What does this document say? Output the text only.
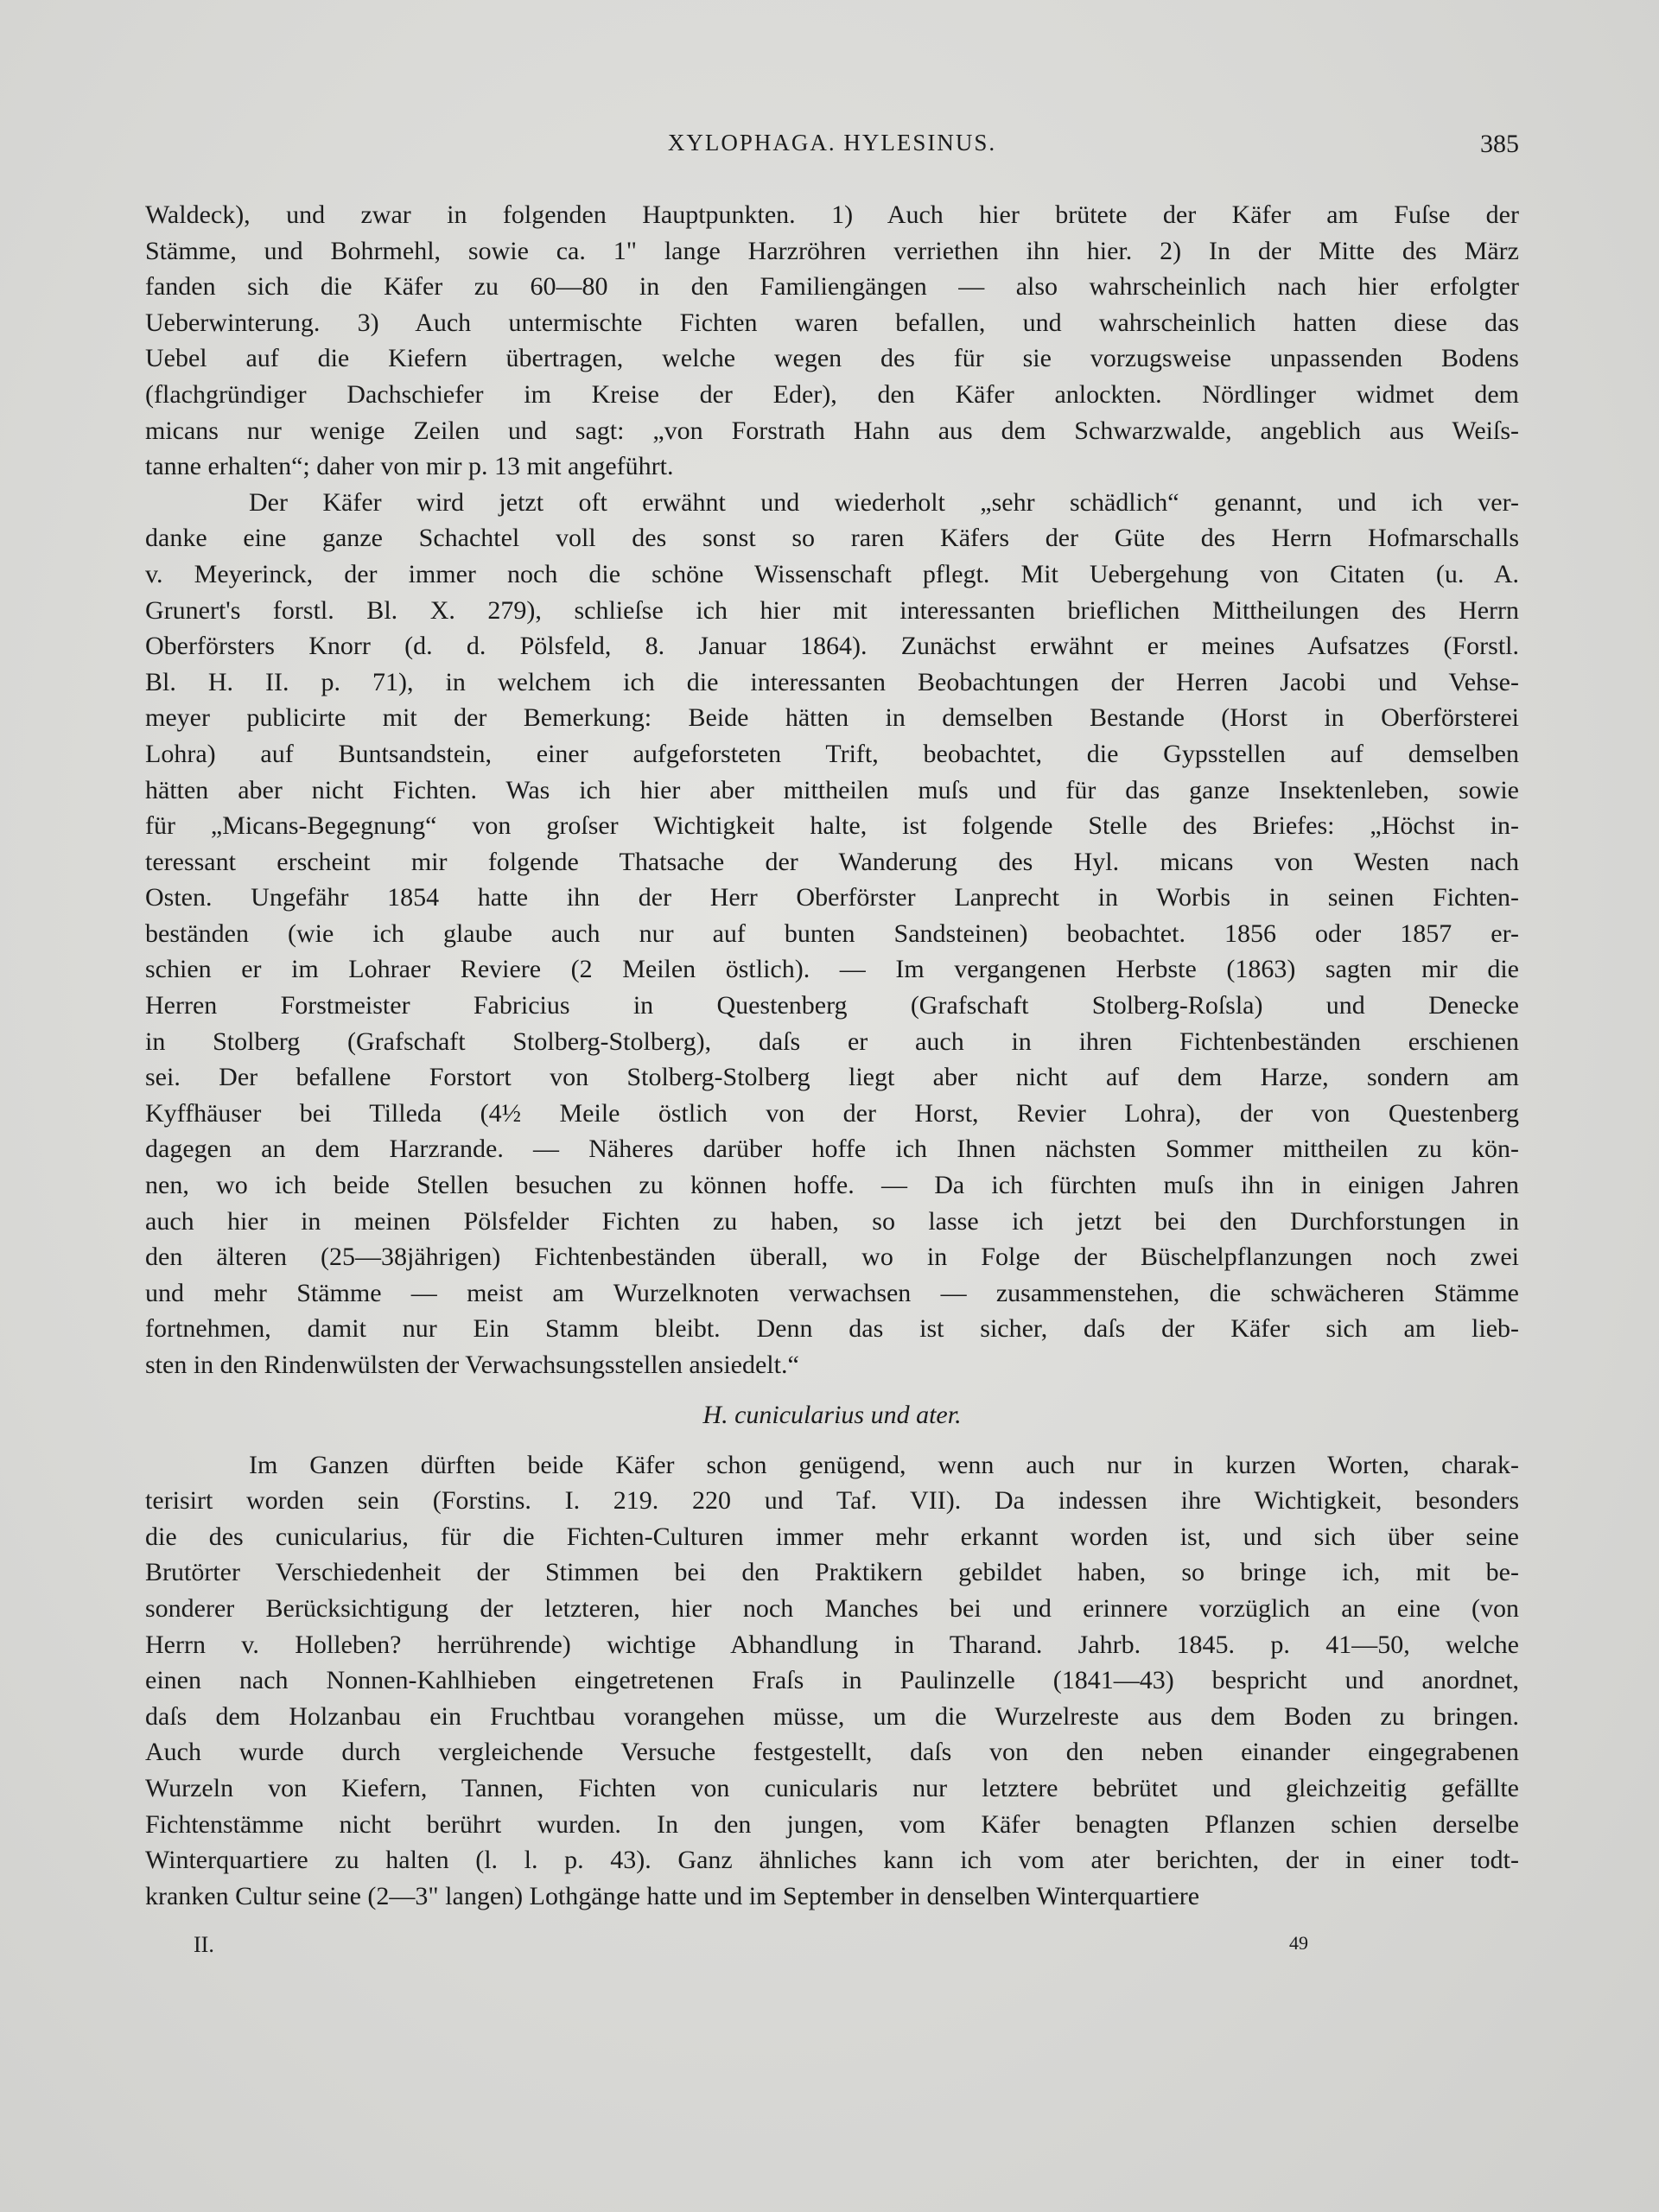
XYLOPHAGA. HYLESINUS.	385
Waldeck), und zwar in folgenden Hauptpunkten. 1) Auch hier brütete der Käfer am Fuſse der
Stämme, und Bohrmehl, sowie ca. 1" lange Harzröhren verriethen ihn hier. 2) In der Mitte des März
fanden sich die Käfer zu 60—80 in den Familiengängen — also wahrscheinlich nach hier erfolgter
Ueberwinterung. 3) Auch untermischte Fichten waren befallen, und wahrscheinlich hatten diese das
Uebel auf die Kiefern übertragen, welche wegen des für sie vorzugsweise unpassenden Bodens
(flachgründiger Dachschiefer im Kreise der Eder), den Käfer anlockten. Nördlinger widmet dem
micans nur wenige Zeilen und sagt: „von Forstrath Hahn aus dem Schwarzwalde, angeblich aus Weiſs-
tanne erhalten“; daher von mir p. 13 mit angeführt.
Der Käfer wird jetzt oft erwähnt und wiederholt „sehr schädlich“ genannt, und ich ver-
danke eine ganze Schachtel voll des sonst so raren Käfers der Güte des Herrn Hofmarschalls
v. Meyerinck, der immer noch die schöne Wissenschaft pflegt. Mit Uebergehung von Citaten (u. A.
Grunert's forstl. Bl. X. 279), schlieſse ich hier mit interessanten brieflichen Mittheilungen des Herrn
Oberförsters Knorr (d. d. Pölsfeld, 8. Januar 1864). Zunächst erwähnt er meines Aufsatzes (Forstl.
Bl. H. II. p. 71), in welchem ich die interessanten Beobachtungen der Herren Jacobi und Vehse-
meyer publicirte mit der Bemerkung: Beide hätten in demselben Bestande (Horst in Oberförsterei
Lohra) auf Buntsandstein, einer aufgeforsteten Trift, beobachtet, die Gypsstellen auf demselben
hätten aber nicht Fichten. Was ich hier aber mittheilen muſs und für das ganze Insektenleben, sowie
für „Micans-Begegnung“ von groſser Wichtigkeit halte, ist folgende Stelle des Briefes: „Höchst in-
teressant erscheint mir folgende Thatsache der Wanderung des Hyl. micans von Westen nach
Osten. Ungefähr 1854 hatte ihn der Herr Oberförster Lanprecht in Worbis in seinen Fichten-
beständen (wie ich glaube auch nur auf bunten Sandsteinen) beobachtet. 1856 oder 1857 er-
schien er im Lohraer Reviere (2 Meilen östlich). — Im vergangenen Herbste (1863) sagten mir die
Herren Forstmeister Fabricius in Questenberg (Grafschaft Stolberg-Roſsla) und Denecke
in Stolberg (Grafschaft Stolberg-Stolberg), daſs er auch in ihren Fichtenbeständen erschienen
sei. Der befallene Forstort von Stolberg-Stolberg liegt aber nicht auf dem Harze, sondern am
Kyffhäuser bei Tilleda (4½ Meile östlich von der Horst, Revier Lohra), der von Questenberg
dagegen an dem Harzrande. — Näheres darüber hoffe ich Ihnen nächsten Sommer mittheilen zu kön-
nen, wo ich beide Stellen besuchen zu können hoffe. — Da ich fürchten muſs ihn in einigen Jahren
auch hier in meinen Pölsfelder Fichten zu haben, so lasse ich jetzt bei den Durchforstungen in
den älteren (25—38jährigen) Fichtenbeständen überall, wo in Folge der Büschelpflanzungen noch zwei
und mehr Stämme — meist am Wurzelknoten verwachsen — zusammenstehen, die schwächeren Stämme
fortnehmen, damit nur Ein Stamm bleibt. Denn das ist sicher, daſs der Käfer sich am lieb-
sten in den Rindenwülsten der Verwachsungsstellen ansiedelt.“
H. cunicularius und ater.
Im Ganzen dürften beide Käfer schon genügend, wenn auch nur in kurzen Worten, charak-
terisirt worden sein (Forstins. I. 219. 220 und Taf. VII). Da indessen ihre Wichtigkeit, besonders
die des cunicularius, für die Fichten-Culturen immer mehr erkannt worden ist, und sich über seine
Brutörter Verschiedenheit der Stimmen bei den Praktikern gebildet haben, so bringe ich, mit be-
sonderer Berücksichtigung der letzteren, hier noch Manches bei und erinnere vorzüglich an eine (von
Herrn v. Holleben? herrührende) wichtige Abhandlung in Tharand. Jahrb. 1845. p. 41—50, welche
einen nach Nonnen-Kahlhieben eingetretenen Fraſs in Paulinzelle (1841—43) bespricht und anordnet,
daſs dem Holzanbau ein Fruchtbau vorangehen müsse, um die Wurzelreste aus dem Boden zu bringen.
Auch wurde durch vergleichende Versuche festgestellt, daſs von den neben einander eingegrabenen
Wurzeln von Kiefern, Tannen, Fichten von cunicularis nur letztere bebrütet und gleichzeitig gefällte
Fichtenstämme nicht berührt wurden. In den jungen, vom Käfer benagten Pflanzen schien derselbe
Winterquartiere zu halten (l. l. p. 43). Ganz ähnliches kann ich vom ater berichten, der in einer todt-
kranken Cultur seine (2—3" langen) Lothgänge hatte und im September in denselben Winterquartiere
II.	49
